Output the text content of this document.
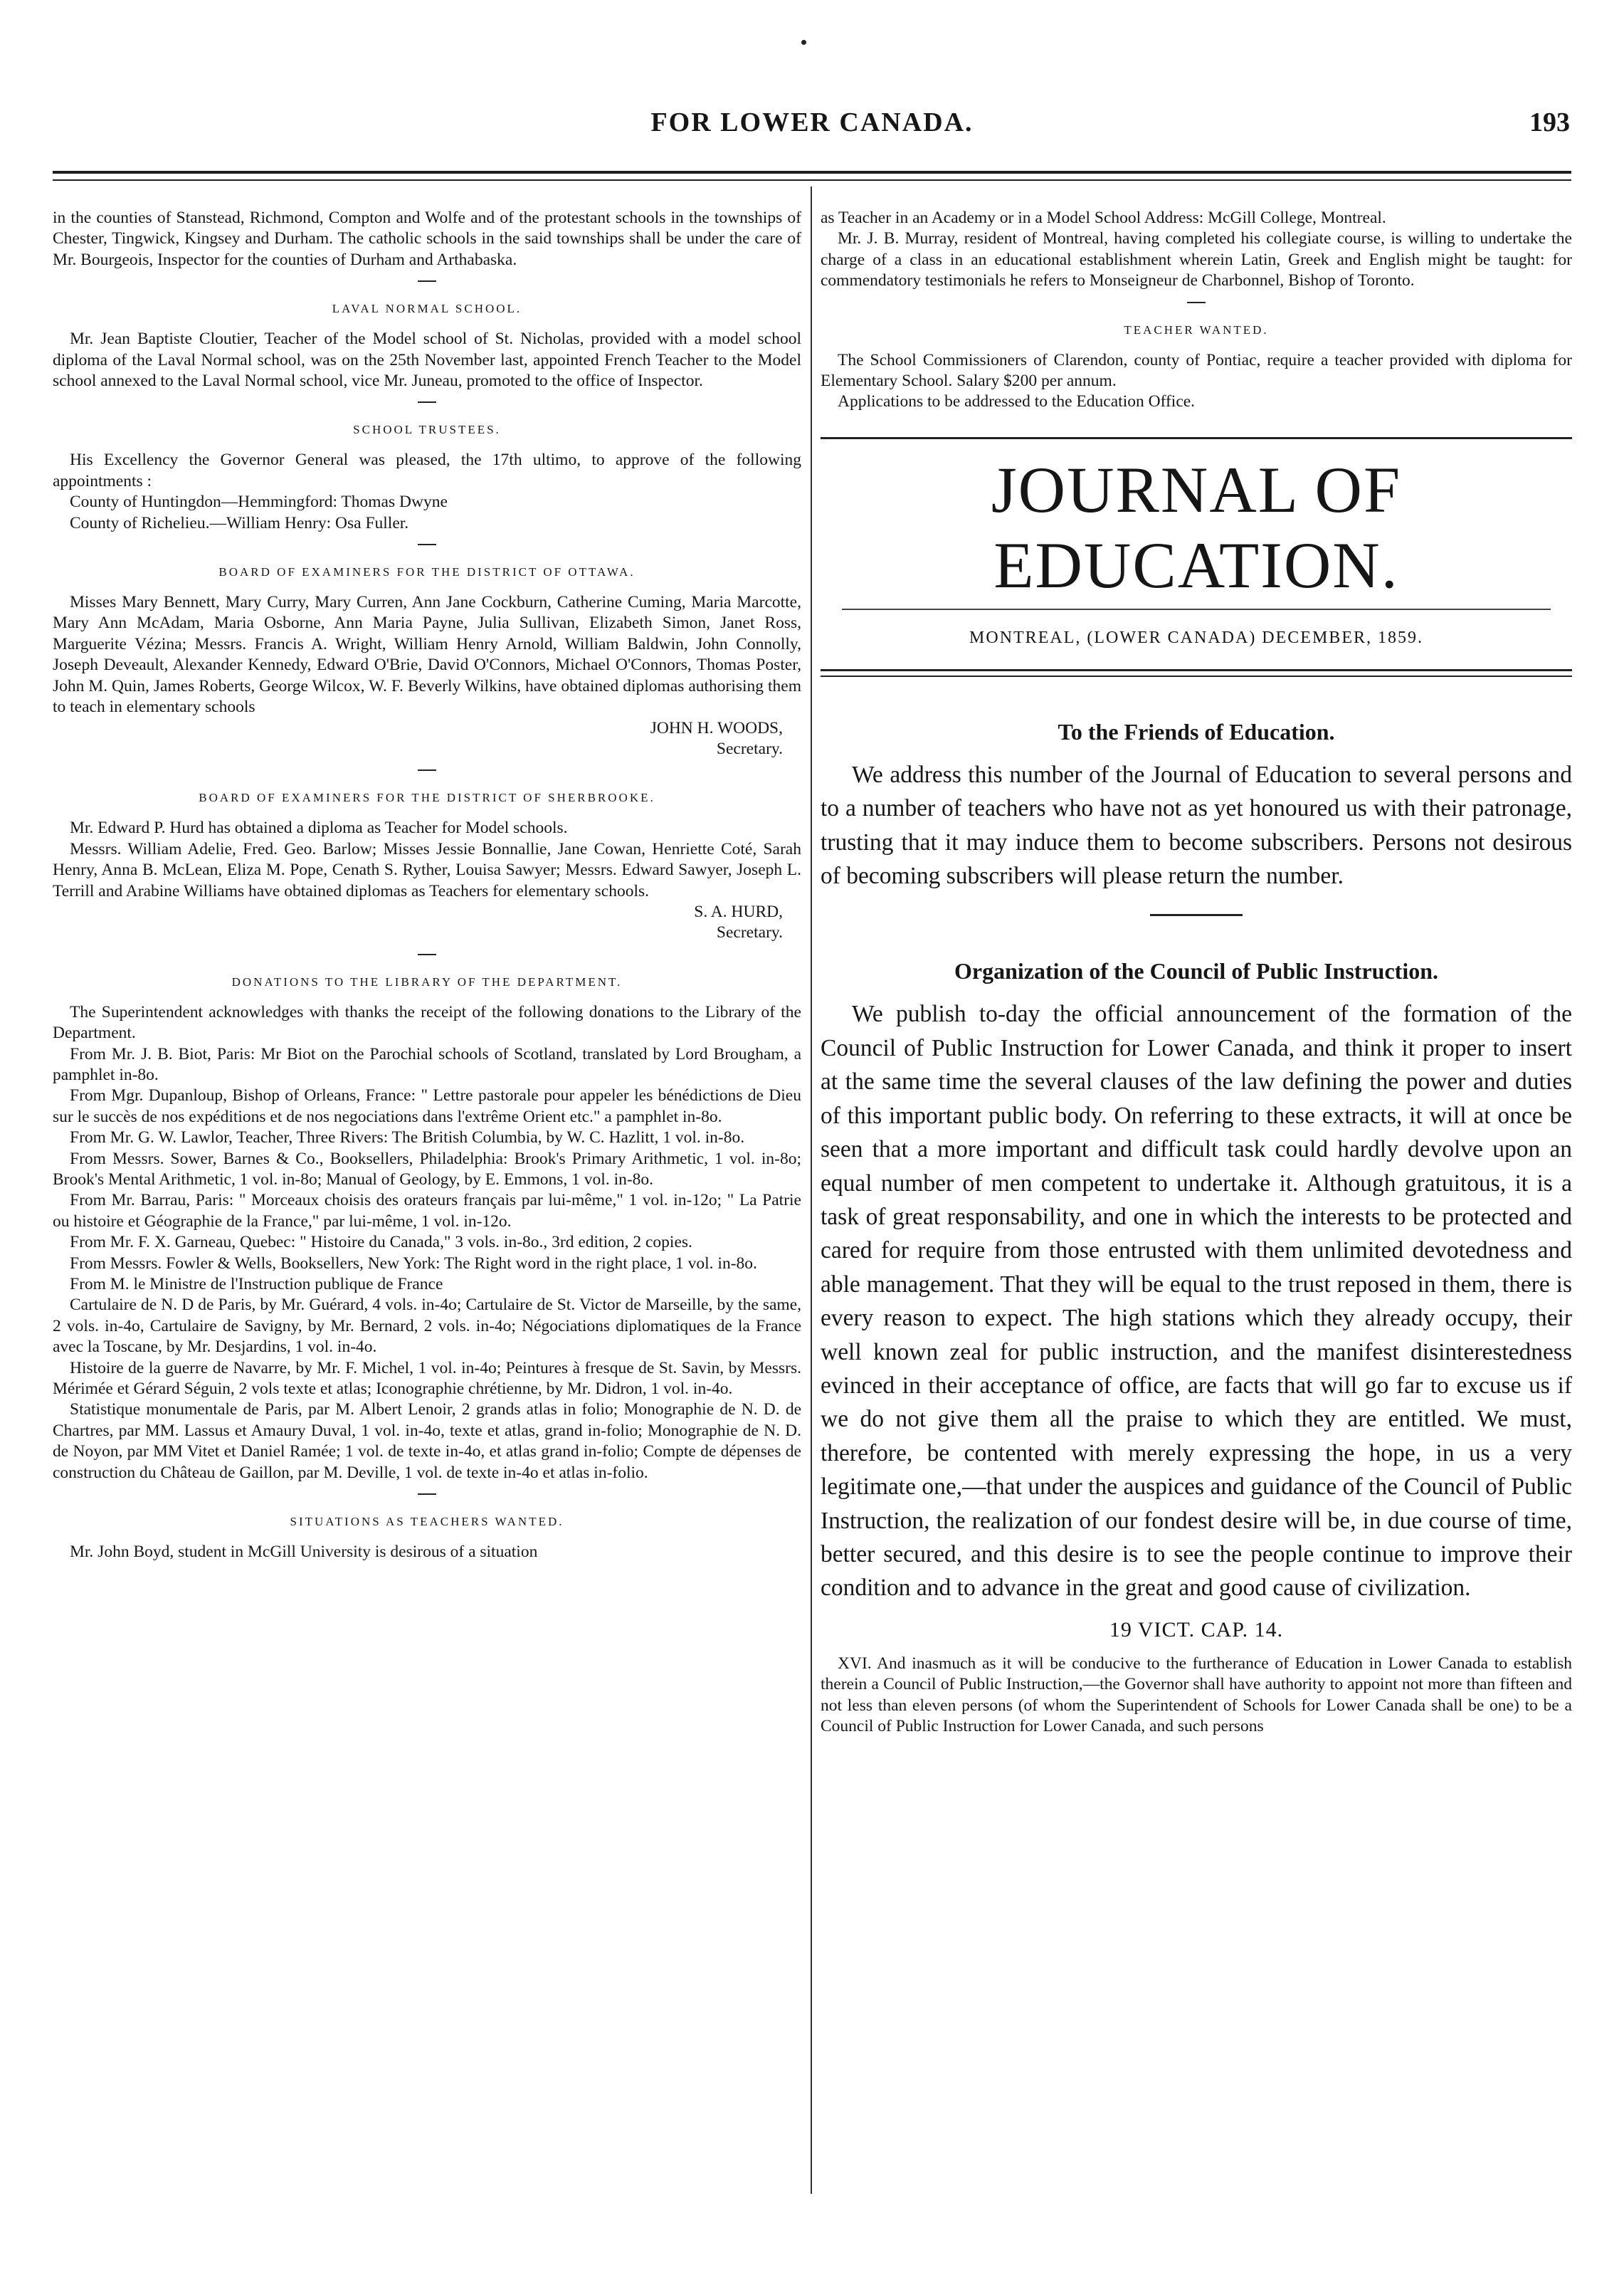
FOR LOWER CANADA.	193

in the counties of Stanstead, Richmond, Compton and Wolfe and of the protestant schools in the townships of Chester, Tingwick, Kingsey and Durham. The catholic schools in the said townships shall be under the care of Mr. Bourgeois, Inspector for the counties of Durham and Arthabaska.

LAVAL NORMAL SCHOOL.

Mr. Jean Baptiste Cloutier, Teacher of the Model school of St. Nicholas, provided with a model school diploma of the Laval Normal school, was on the 25th November last, appointed French Teacher to the Model school annexed to the Laval Normal school, vice Mr. Juneau, promoted to the office of Inspector.

SCHOOL TRUSTEES.

His Excellency the Governor General was pleased, the 17th ultimo, to approve of the following appointments :

County of Huntingdon—Hemmingford: Thomas Dwyne

County of Richelieu.—William Henry: Osa Fuller.

BOARD OF EXAMINERS FOR THE DISTRICT OF OTTAWA.

Misses Mary Bennett, Mary Curry, Mary Curren, Ann Jane Cockburn, Catherine Cuming, Maria Marcotte, Mary Ann McAdam, Maria Osborne, Ann Maria Payne, Julia Sullivan, Elizabeth Simon, Janet Ross, Marguerite Vézina; Messrs. Francis A. Wright, William Henry Arnold, William Baldwin, John Connolly, Joseph Deveault, Alexander Kennedy, Edward O'Brie, David O'Connors, Michael O'Connors, Thomas Poster, John M. Quin, James Roberts, George Wilcox, W. F. Beverly Wilkins, have obtained diplomas authorising them to teach in elementary schools

JOHN H. WOODS,

Secretary.

BOARD OF EXAMINERS FOR THE DISTRICT OF SHERBROOKE.

Mr. Edward P. Hurd has obtained a diploma as Teacher for Model schools.

Messrs. William Adelie, Fred. Geo. Barlow; Misses Jessie Bonnallie, Jane Cowan, Henriette Coté, Sarah Henry, Anna B. McLean, Eliza M. Pope, Cenath S. Ryther, Louisa Sawyer; Messrs. Edward Sawyer, Joseph L. Terrill and Arabine Williams have obtained diplomas as Teachers for elementary schools.

S. A. HURD,

Secretary.

DONATIONS TO THE LIBRARY OF THE DEPARTMENT.

The Superintendent acknowledges with thanks the receipt of the following donations to the Library of the Department.

From Mr. J. B. Biot, Paris: Mr Biot on the Parochial schools of Scotland, translated by Lord Brougham, a pamphlet in-8o.

From Mgr. Dupanloup, Bishop of Orleans, France: " Lettre pastorale pour appeler les bénédictions de Dieu sur le succès de nos expéditions et de nos negociations dans l'extrême Orient etc." a pamphlet in-8o.

From Mr. G. W. Lawlor, Teacher, Three Rivers: The British Columbia, by W. C. Hazlitt, 1 vol. in-8o.

From Messrs. Sower, Barnes & Co., Booksellers, Philadelphia: Brook's Primary Arithmetic, 1 vol. in-8o; Brook's Mental Arithmetic, 1 vol. in-8o; Manual of Geology, by E. Emmons, 1 vol. in-8o.

From Mr. Barrau, Paris: " Morceaux choisis des orateurs français par lui-même," 1 vol. in-12o; " La Patrie ou histoire et Géographie de la France," par lui-même, 1 vol. in-12o.

From Mr. F. X. Garneau, Quebec: " Histoire du Canada," 3 vols. in-8o., 3rd edition, 2 copies.

From Messrs. Fowler & Wells, Booksellers, New York: The Right word in the right place, 1 vol. in-8o.

From M. le Ministre de l'Instruction publique de France

Cartulaire de N. D de Paris, by Mr. Guérard, 4 vols. in-4o; Cartulaire de St. Victor de Marseille, by the same, 2 vols. in-4o, Cartulaire de Savigny, by Mr. Bernard, 2 vols. in-4o; Négociations diplomatiques de la France avec la Toscane, by Mr. Desjardins, 1 vol. in-4o.

Histoire de la guerre de Navarre, by Mr. F. Michel, 1 vol. in-4o; Peintures à fresque de St. Savin, by Messrs. Mérimée et Gérard Séguin, 2 vols texte et atlas; Iconographie chrétienne, by Mr. Didron, 1 vol. in-4o.

Statistique monumentale de Paris, par M. Albert Lenoir, 2 grands atlas in folio; Monographie de N. D. de Chartres, par MM. Lassus et Amaury Duval, 1 vol. in-4o, texte et atlas, grand in-folio; Monographie de N. D. de Noyon, par MM Vitet et Daniel Ramée; 1 vol. de texte in-4o, et atlas grand in-folio; Compte de dépenses de construction du Château de Gaillon, par M. Deville, 1 vol. de texte in-4o et atlas in-folio.

SITUATIONS AS TEACHERS WANTED.

Mr. John Boyd, student in McGill University is desirous of a situation

as Teacher in an Academy or in a Model School Address: McGill College, Montreal.

Mr. J. B. Murray, resident of Montreal, having completed his collegiate course, is willing to undertake the charge of a class in an educational establishment wherein Latin, Greek and English might be taught: for commendatory testimonials he refers to Monseigneur de Charbonnel, Bishop of Toronto.

TEACHER WANTED.

The School Commissioners of Clarendon, county of Pontiac, require a teacher provided with diploma for Elementary School. Salary $200 per annum.

Applications to be addressed to the Education Office.

JOURNAL OF EDUCATION.
MONTREAL, (LOWER CANADA) DECEMBER, 1859.
To the Friends of Education.

We address this number of the Journal of Education to several persons and to a number of teachers who have not as yet honoured us with their patronage, trusting that it may induce them to become subscribers. Persons not desirous of becoming subscribers will please return the number.

Organization of the Council of Public Instruction.

We publish to-day the official announcement of the formation of the Council of Public Instruction for Lower Canada, and think it proper to insert at the same time the several clauses of the law defining the power and duties of this important public body. On referring to these extracts, it will at once be seen that a more important and difficult task could hardly devolve upon an equal number of men competent to undertake it. Although gratuitous, it is a task of great responsability, and one in which the interests to be protected and cared for require from those entrusted with them unlimited devotedness and able management. That they will be equal to the trust reposed in them, there is every reason to expect. The high stations which they already occupy, their well known zeal for public instruction, and the manifest disinterestedness evinced in their acceptance of office, are facts that will go far to excuse us if we do not give them all the praise to which they are entitled. We must, therefore, be contented with merely expressing the hope, in us a very legitimate one,—that under the auspices and guidance of the Council of Public Instruction, the realization of our fondest desire will be, in due course of time, better secured, and this desire is to see the people continue to improve their condition and to advance in the great and good cause of civilization.

19 VICT. CAP. 14.

XVI. And inasmuch as it will be conducive to the furtherance of Education in Lower Canada to establish therein a Council of Public Instruction,—the Governor shall have authority to appoint not more than fifteen and not less than eleven persons (of whom the Superintendent of Schools for Lower Canada shall be one) to be a Council of Public Instruction for Lower Canada, and such persons
